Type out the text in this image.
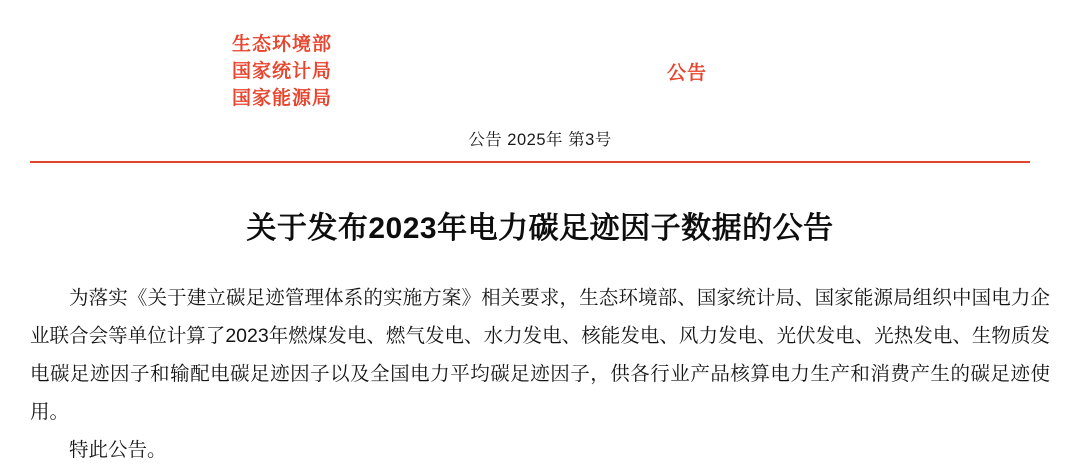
生态环境部
国家统计局
国家能源局
公告
公告 2025年 第3号
关于发布2023年电力碳足迹因子数据的公告

为落实《关于建立碳足迹管理体系的实施方案》相关要求，生态环境部、国家统计局、国家能源局组织中国电力企业联合会等单位计算了2023年燃煤发电、燃气发电、水力发电、核能发电、风力发电、光伏发电、光热发电、生物质发电碳足迹因子和输配电碳足迹因子以及全国电力平均碳足迹因子，供各行业产品核算电力生产和消费产生的碳足迹使用。

特此公告。
